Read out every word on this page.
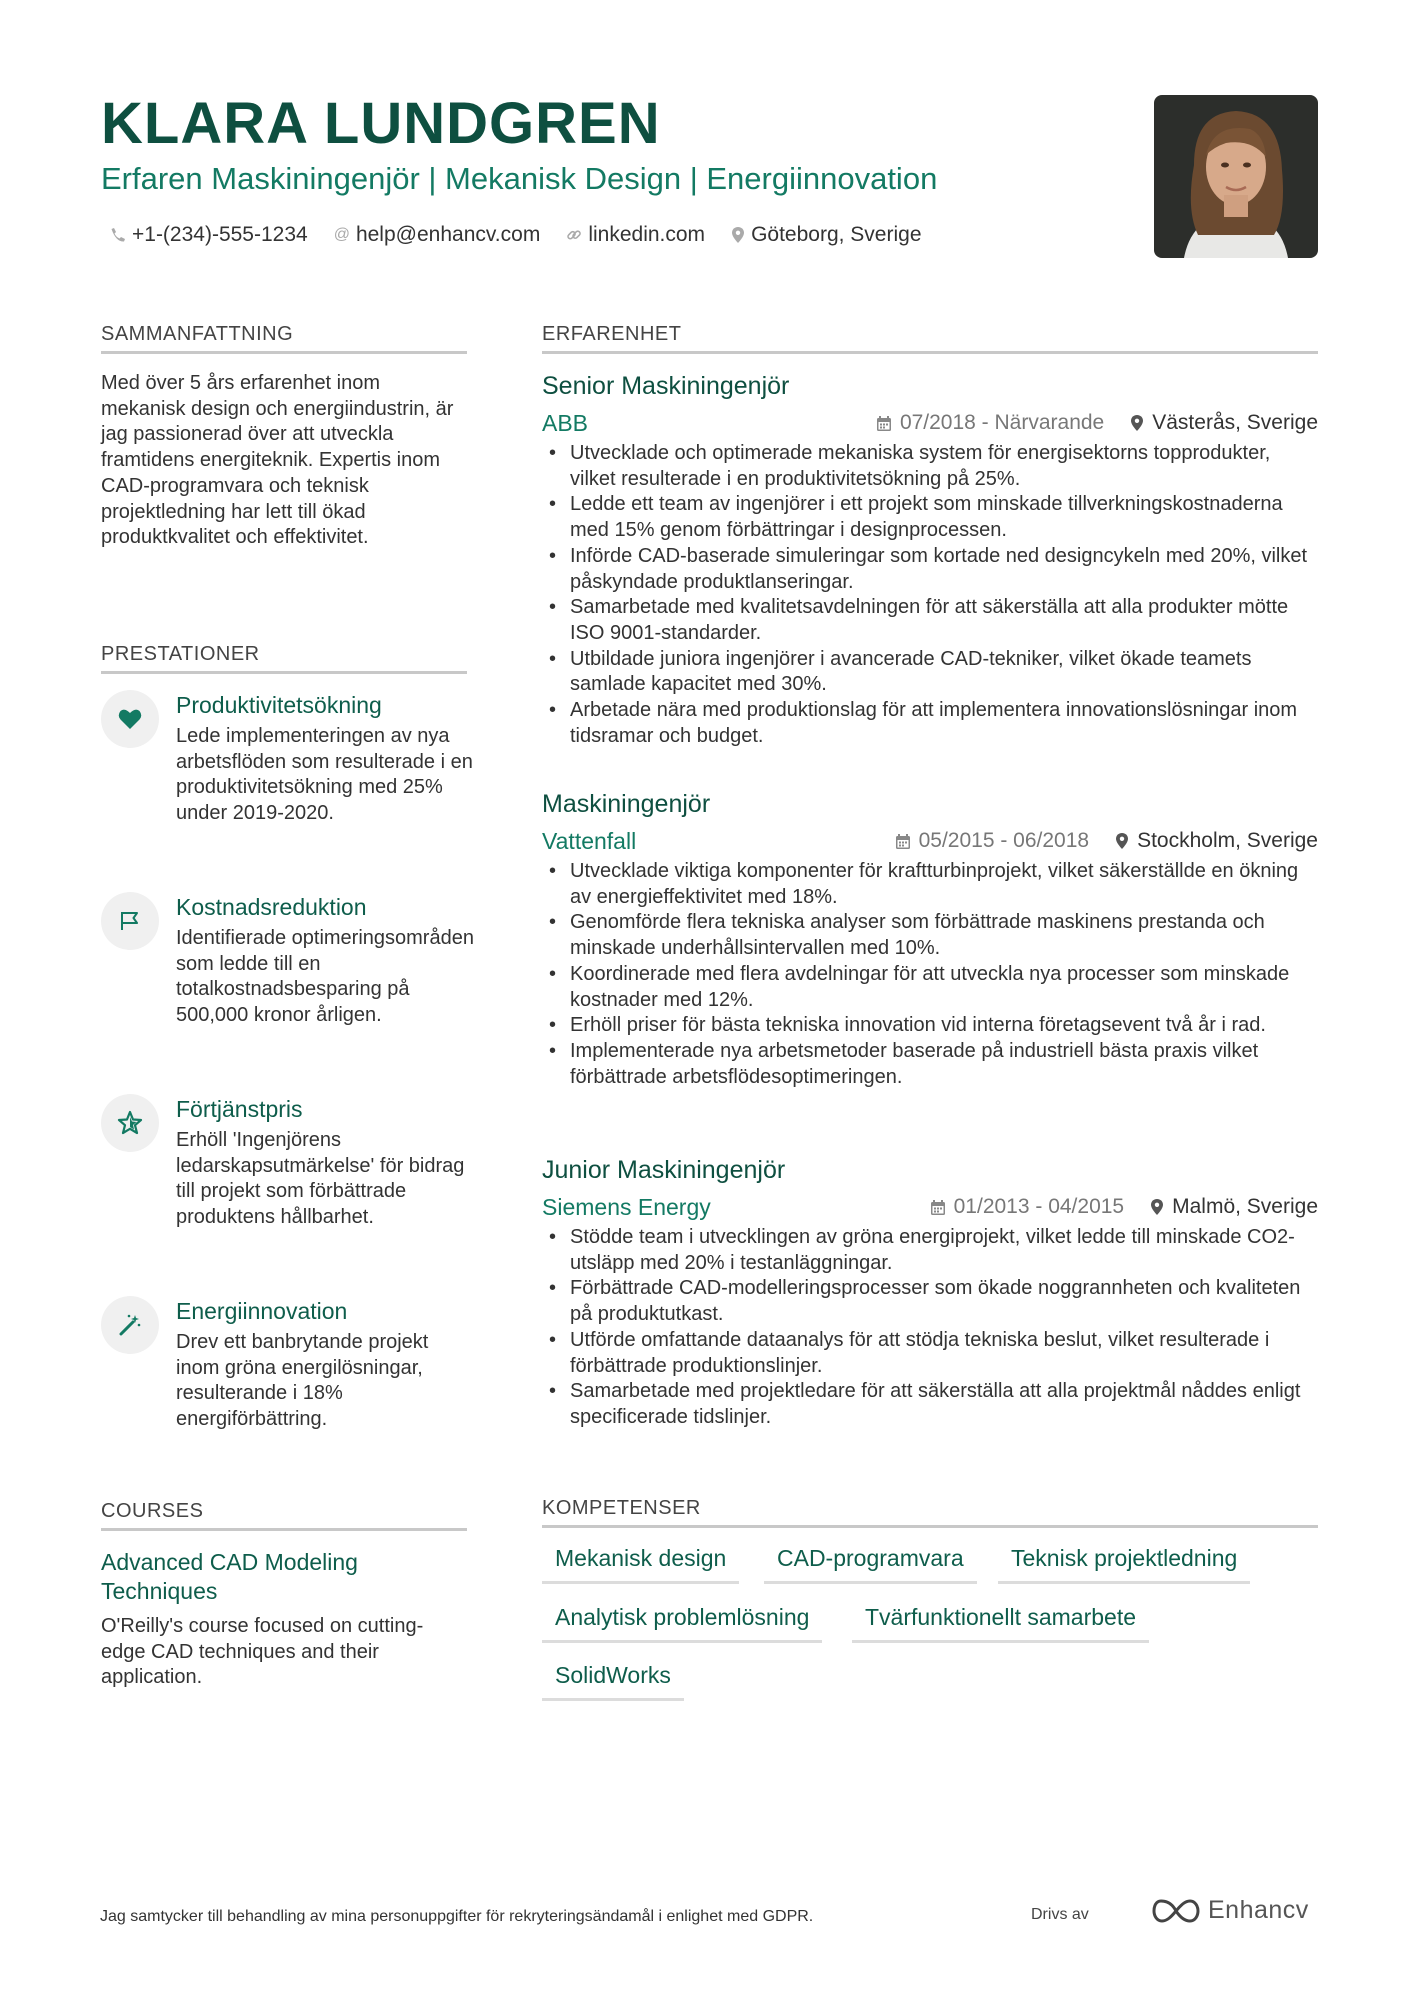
KLARA LUNDGREN
Erfaren Maskiningenjör | Mekanisk Design | Energiinnovation
+1-(234)-555-1234 @ help@enhancv.com linkedin.com Göteborg, Sverige
SAMMANFATTNING
Med över 5 års erfarenhet inom mekanisk design och energiindustrin, är jag passionerad över att utveckla framtidens energiteknik. Expertis inom CAD-programvara och teknisk projektledning har lett till ökad produktkvalitet och effektivitet.
PRESTATIONER
Produktivitetsökning
Lede implementeringen av nya arbetsflöden som resulterade i en produktivitetsökning med 25% under 2019-2020.
Kostnadsreduktion
Identifierade optimeringsområden som ledde till en totalkostnadsbesparing på 500,000 kronor årligen.
Förtjänstpris
Erhöll 'Ingenjörens ledarskapsutmärkelse' för bidrag till projekt som förbättrade produktens hållbarhet.
Energiinnovation
Drev ett banbrytande projekt inom gröna energilösningar, resulterande i 18% energiförbättring.
COURSES
Advanced CAD Modeling Techniques
O'Reilly's course focused on cutting-edge CAD techniques and their application.
ERFARENHET
Senior Maskiningenjör
ABB	07/2018 - Närvarande Västerås, Sverige
• Utvecklade och optimerade mekaniska system för energisektorns topprodukter, vilket resulterade i en produktivitetsökning på 25%.
• Ledde ett team av ingenjörer i ett projekt som minskade tillverkningskostnaderna med 15% genom förbättringar i designprocessen.
• Införde CAD-baserade simuleringar som kortade ned designcykeln med 20%, vilket påskyndade produktlanseringar.
• Samarbetade med kvalitetsavdelningen för att säkerställa att alla produkter mötte ISO 9001-standarder.
• Utbildade juniora ingenjörer i avancerade CAD-tekniker, vilket ökade teamets samlade kapacitet med 30%.
• Arbetade nära med produktionslag för att implementera innovationslösningar inom tidsramar och budget.
Maskiningenjör
Vattenfall	05/2015 - 06/2018 Stockholm, Sverige
• Utvecklade viktiga komponenter för kraftturbinprojekt, vilket säkerställde en ökning av energieffektivitet med 18%.
• Genomförde flera tekniska analyser som förbättrade maskinens prestanda och minskade underhållsintervallen med 10%.
• Koordinerade med flera avdelningar för att utveckla nya processer som minskade kostnader med 12%.
• Erhöll priser för bästa tekniska innovation vid interna företagsevent två år i rad.
• Implementerade nya arbetsmetoder baserade på industriell bästa praxis vilket förbättrade arbetsflödesoptimeringen.
Junior Maskiningenjör
Siemens Energy	01/2013 - 04/2015 Malmö, Sverige
• Stödde team i utvecklingen av gröna energiprojekt, vilket ledde till minskade CO2-utsläpp med 20% i testanläggningar.
• Förbättrade CAD-modelleringsprocesser som ökade noggrannheten och kvaliteten på produktutkast.
• Utförde omfattande dataanalys för att stödja tekniska beslut, vilket resulterade i förbättrade produktionslinjer.
• Samarbetade med projektledare för att säkerställa att alla projektmål nåddes enligt specificerade tidslinjer.
KOMPETENSER
Mekanisk design	CAD-programvara	Teknisk projektledning
Analytisk problemlösning	Tvärfunktionellt samarbete
SolidWorks
Jag samtycker till behandling av mina personuppgifter för rekryteringsändamål i enlighet med GDPR.	Drivs av	Enhancv
